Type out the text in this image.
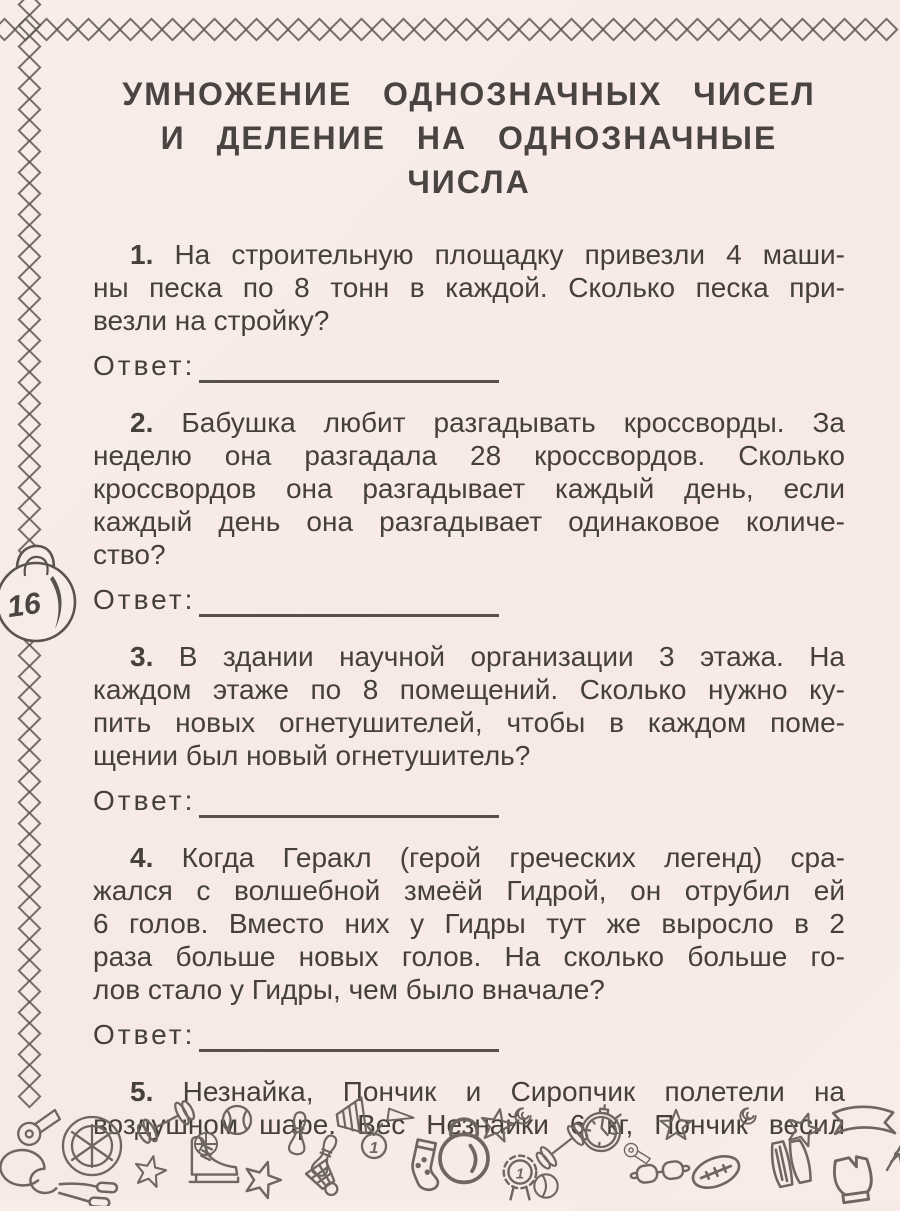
16
УМНОЖЕНИЕ ОДНОЗНАЧНЫХ ЧИСЕЛ
И ДЕЛЕНИЕ НА ОДНОЗНАЧНЫЕ ЧИСЛА
1. На строительную площадку привезли 4 маши-
ны песка по 8 тонн в каждой. Сколько песка при-
везли на стройку?
Ответ:
2. Бабушка любит разгадывать кроссворды. За
неделю она разгадала 28 кроссвордов. Сколько
кроссвордов она разгадывает каждый день, если
каждый день она разгадывает одинаковое количе-
ство?
Ответ:
3. В здании научной организации 3 этажа. На
каждом этаже по 8 помещений. Сколько нужно ку-
пить новых огнетушителей, чтобы в каждом поме-
щении был новый огнетушитель?
Ответ:
4. Когда Геракл (герой греческих легенд) сра-
жался с волшебной змеёй Гидрой, он отрубил ей
6 голов. Вместо них у Гидры тут же выросло в 2
раза больше новых голов. На сколько больше го-
лов стало у Гидры, чем было вначале?
Ответ:
5. Незнайка, Пончик и Сиропчик полетели на
воздушном шаре. Вес Незнайки 6 кг, Пончик весил
1
1
